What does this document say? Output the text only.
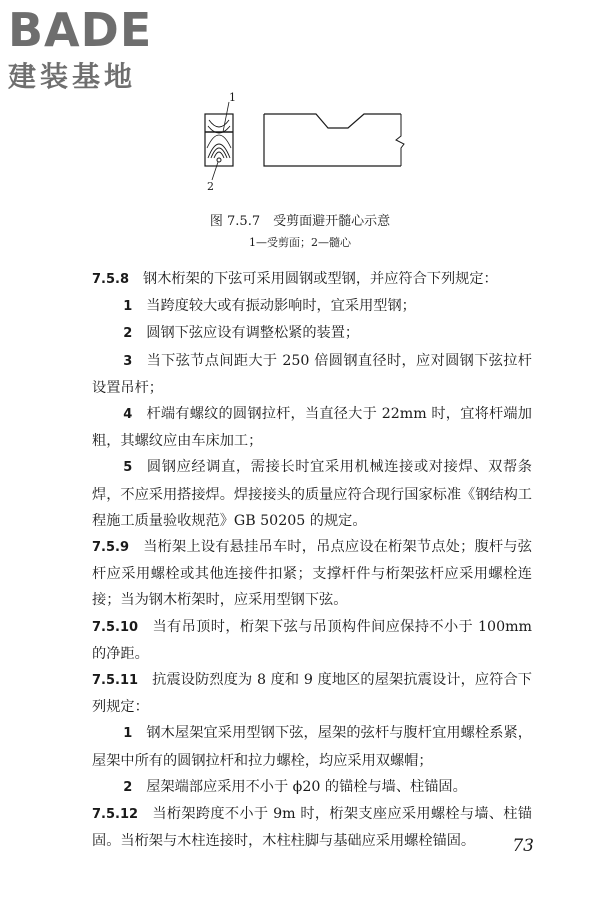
BADE
建装基地
1
2
图 7.5.7　受剪面避开髓心示意
1—受剪面；2—髓心

7.5.8 钢木桁架的下弦可采用圆钢或型钢，并应符合下列规定：

1 当跨度较大或有振动影响时，宜采用型钢；

2 圆钢下弦应设有调整松紧的装置；

3 当下弦节点间距大于 250 倍圆钢直径时，应对圆钢下弦拉杆设置吊杆；

4 杆端有螺纹的圆钢拉杆，当直径大于 22mm 时，宜将杆端加粗，其螺纹应由车床加工；

5 圆钢应经调直，需接长时宜采用机械连接或对接焊、双帮条焊，不应采用搭接焊。焊接接头的质量应符合现行国家标准《钢结构工程施工质量验收规范》GB 50205 的规定。

7.5.9 当桁架上设有悬挂吊车时，吊点应设在桁架节点处；腹杆与弦杆应采用螺栓或其他连接件扣紧；支撑杆件与桁架弦杆应采用螺栓连接；当为钢木桁架时，应采用型钢下弦。

7.5.10 当有吊顶时，桁架下弦与吊顶构件间应保持不小于 100mm 的净距。

7.5.11 抗震设防烈度为 8 度和 9 度地区的屋架抗震设计，应符合下列规定：

1 钢木屋架宜采用型钢下弦，屋架的弦杆与腹杆宜用螺栓系紧，屋架中所有的圆钢拉杆和拉力螺栓，均应采用双螺帽；

2 屋架端部应采用不小于 ϕ20 的锚栓与墙、柱锚固。

7.5.12 当桁架跨度不小于 9m 时，桁架支座应采用螺栓与墙、柱锚固。当桁架与木柱连接时，木柱柱脚与基础应采用螺栓锚固。	73
